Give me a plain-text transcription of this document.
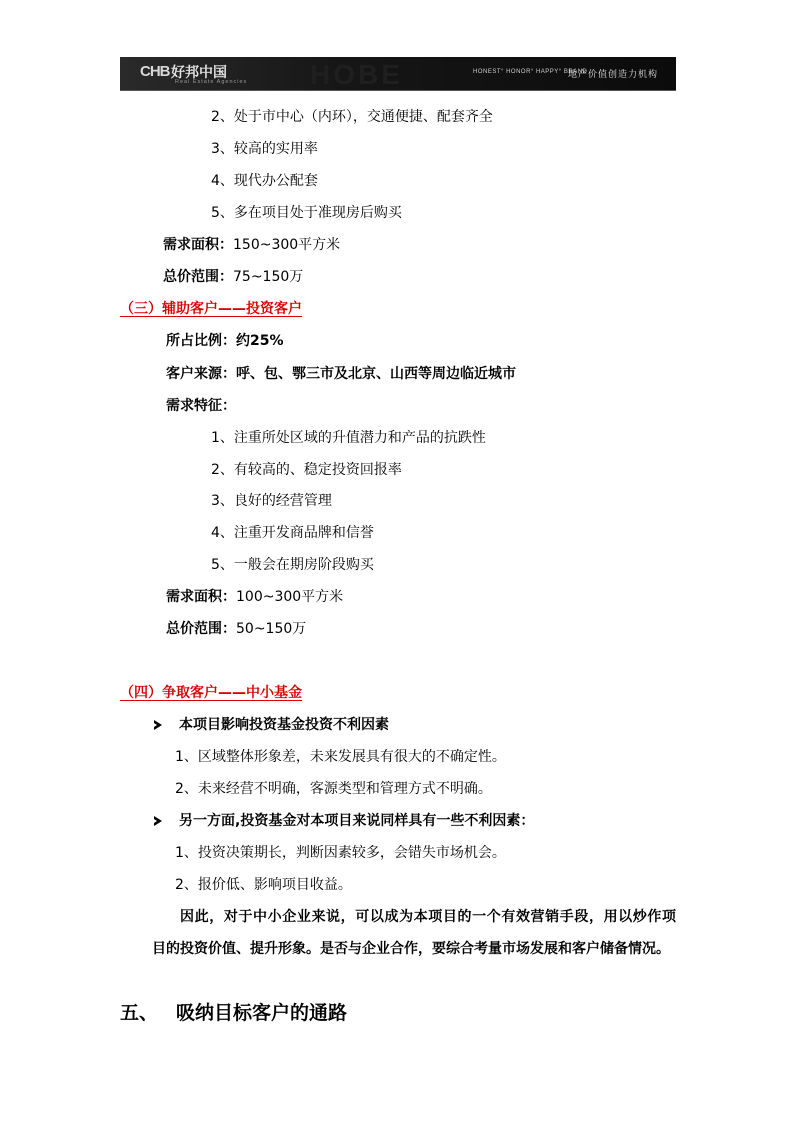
CHB 好邦中国
Real Estate Agencies HOBE	HONEST° HONOR° HAPPY° BRAND
地产价值创造力机构
2、处于市中心（内环），交通便捷、配套齐全
3、较高的实用率
4、现代办公配套
5、多在项目处于准现房后购买
需求面积：150~300平方米
总价范围：75~150万
（三）辅助客户——投资客户
所占比例：约25%
客户来源：呼、包、鄂三市及北京、山西等周边临近城市
需求特征：
1、注重所处区域的升值潜力和产品的抗跌性
2、有较高的、稳定投资回报率
3、良好的经营管理
4、注重开发商品牌和信誉
5、一般会在期房阶段购买
需求面积：100~300平方米
总价范围：50~150万
（四）争取客户——中小基金
本项目影响投资基金投资不利因素
1、区域整体形象差，未来发展具有很大的不确定性。
2、未来经营不明确，客源类型和管理方式不明确。
另一方面,投资基金对本项目来说同样具有一些不利因素：
1、投资决策期长，判断因素较多，会错失市场机会。
2、报价低、影响项目收益。
因此，对于中小企业来说，可以成为本项目的一个有效营销手段，用以炒作项
目的投资价值、提升形象。是否与企业合作，要综合考量市场发展和客户储备情况。
五、 吸纳目标客户的通路
